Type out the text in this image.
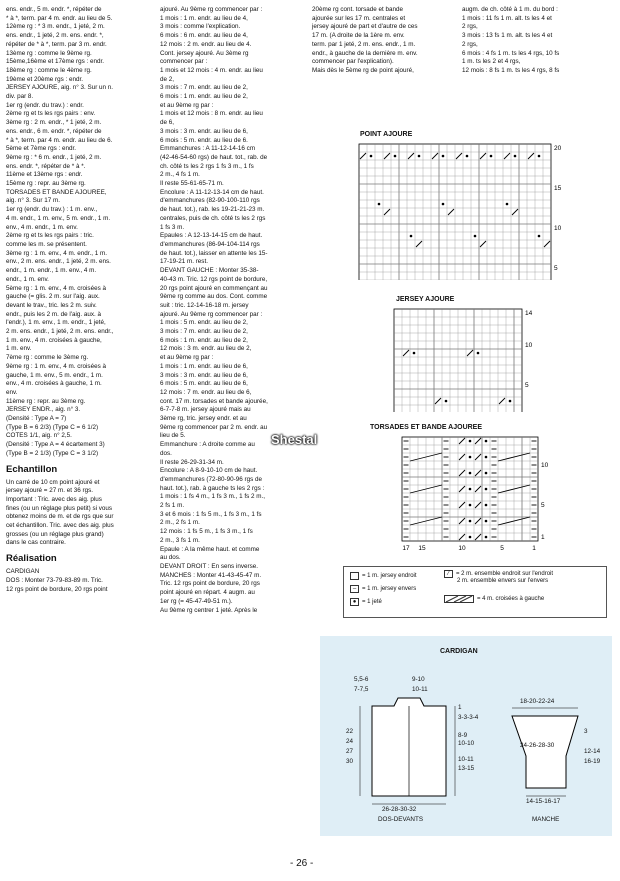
ens. endr., 5 m. endr. *, répéter de

* à *, term. par 4 m. endr. au lieu de 5.

12ème rg : * 3 m. endr., 1 jeté, 2 m.

ens. endr., 1 jeté, 2 m. ens. endr. *,

répéter de * à *, term. par 3 m. endr.

13ème rg : comme le 9ème rg.

15ème,16ème et 17ème rgs : endr.

18ème rg : comme le 4ème rg.

19ème et 20ème rgs : endr.

JERSEY AJOURE, aig. n° 3. Sur un n.

div. par 8.

1er rg (endr. du trav.) : endr.

2ème rg et ts les rgs pairs : env.

3ème rg : 2 m. endr., * 1 jeté, 2 m.

ens. endr., 6 m. endr. *, répéter de

* à *, term. par 4 m. endr. au lieu de 6.

5ème et 7ème rgs : endr.

9ème rg : * 6 m. endr., 1 jeté, 2 m.

ens. endr. *, répéter de * à *.

11ème et 13ème rgs : endr.

15ème rg : repr. au 3ème rg.

TORSADES ET BANDE AJOUREE,

aig. n° 3. Sur 17 m.

1er rg (endr. du trav.) : 1 m. env.,

4 m. endr., 1 m. env., 5 m. endr., 1 m.

env., 4 m. endr., 1 m. env.

2ème rg et ts les rgs pairs : tric.

comme les m. se présentent.

3ème rg : 1 m. env., 4 m. endr., 1 m.

env., 2 m. ens. endr., 1 jeté, 2 m. ens.

endr., 1 m. endr., 1 m. env., 4 m.

endr., 1 m. env.

5ème rg : 1 m. env., 4 m. croisées à

gauche (= glis. 2 m. sur l'aig. aux.

devant le trav., tric. les 2 m. suiv.

endr., puis les 2 m. de l'aig. aux. à

l'endr.), 1 m. env., 1 m. endr., 1 jeté,

2 m. ens. endr., 1 jeté, 2 m. ens. endr.,

1 m. env., 4 m. croisées à gauche,

1 m. env.

7ème rg : comme le 3ème rg.

9ème rg : 1 m. env., 4 m. croisées à

gauche, 1 m. env., 5 m. endr., 1 m.

env., 4 m. croisées à gauche, 1 m.

env.

11ème rg : repr. au 3ème rg.

JERSEY ENDR., aig. n° 3.

(Densité : Type A = 7)

(Type B = 6 2/3) (Type C = 6 1/2)

COTES 1/1, aig. n° 2,5.

(Densité : Type A = 4 écartement 3)

(Type B = 2 1/3) (Type C = 3 1/2)

Echantillon

Un carré de 10 cm point ajouré et

jersey ajouré = 27 m. et 36 rgs.

Important : Tric. avec des aig. plus

fines (ou un réglage plus petit) si vous

obtenez moins de m. et de rgs que sur

cet échantillon. Tric. avec des aig. plus

grosses (ou un réglage plus grand)

dans le cas contraire.

Réalisation

CARDIGAN

DOS : Monter 73-79-83-89 m. Tric.

12 rgs point de bordure, 20 rgs point

ajouré. Au 9ème rg commencer par :

1 mois : 1 m. endr. au lieu de 4,

3 mois : comme l'explication.

6 mois : 6 m. endr. au lieu de 4,

12 mois : 2 m. endr. au lieu de 4.

Cont. jersey ajouré. Au 3ème rg

commencer par :

1 mois et 12 mois : 4 m. endr. au lieu

de 2,

3 mois : 7 m. endr. au lieu de 2,

6 mois : 1 m. endr. au lieu de 2,

et au 9ème rg par :

1 mois et 12 mois : 8 m. endr. au lieu

de 6,

3 mois : 3 m. endr. au lieu de 6,

6 mois : 5 m. endr. au lieu de 6.

Emmanchures : A 11-12-14-16 cm

(42-46-54-60 rgs) de haut. tot., rab. de

ch. côté ts les 2 rgs 1 fs 3 m., 1 fs

2 m., 4 fs 1 m.

Il reste 55-61-65-71 m.

Encolure : A 11-12-13-14 cm de haut.

d'emmanchures (82-90-100-110 rgs

de haut. tot.), rab. les 19-21-21-23 m.

centrales, puis de ch. côté ts les 2 rgs

1 fs 3 m.

Epaules : A 12-13-14-15 cm de haut.

d'emmanchures (86-94-104-114 rgs

de haut. tot.), laisser en attente les 15-

17-19-21 m. rest.

DEVANT GAUCHE : Monter 35-38-

40-43 m. Tric. 12 rgs point de bordure,

20 rgs point ajouré en commençant au

9ème rg comme au dos. Cont. comme

suit : tric. 12-14-16-18 m. jersey

ajouré. Au 9ème rg commencer par :

1 mois : 5 m. endr. au lieu de 2,

3 mois : 7 m. endr. au lieu de 2,

6 mois : 1 m. endr. au lieu de 2,

12 mois : 3 m. endr. au lieu de 2,

et au 9ème rg par :

1 mois : 1 m. endr. au lieu de 6,

3 mois : 3 m. endr. au lieu de 6,

6 mois : 5 m. endr. au lieu de 6,

12 mois : 7 m. endr. au lieu de 6,

cont. 17 m. torsades et bande ajourée,

6-7-7-8 m. jersey ajouré mais au

3ème rg, tric. jersey endr. et au

9ème rg commencer par 2 m. endr. au

lieu de 5.

Emmanchure : A droite comme au

dos.

Il reste 26-29-31-34 m.

Encolure : A 8-9-10-10 cm de haut.

d'emmanchures (72-80-90-96 rgs de

haut. tot.), rab. à gauche ts les 2 rgs :

1 mois : 1 fs 4 m., 1 fs 3 m., 1 fs 2 m.,

2 fs 1 m.

3 et 6 mois : 1 fs 5 m., 1 fs 3 m., 1 fs

2 m., 2 fs 1 m.

12 mois : 1 fs 5 m., 1 fs 3 m., 1 fs

2 m., 3 fs 1 m.

Epaule : A la même haut. et comme

au dos.

DEVANT DROIT : En sens inverse.

MANCHES : Monter 41-43-45-47 m.

Tric. 12 rgs point de bordure, 20 rgs

point ajouré en répart. 4 augm. au

1er rg (= 45-47-49-51 m.).

Au 9ème rg centrer 1 jeté. Après le

20ème rg cont. torsade et bande

ajourée sur les 17 m. centrales et

jersey ajouré de part et d'autre de ces

17 m. (A droite de la 1ère m. env.

term. par 1 jeté, 2 m. ens. endr., 1 m.

endr., à gauche de la dernière m. env.

commencer par l'explication).

Mais dès le 5ème rg de point ajouré,

augm. de ch. côté à 1 m. du bord :

1 mois : 11 fs 1 m. alt. ts les 4 et

2 rgs,

3 mois : 13 fs 1 m. alt. ts les 4 et

2 rgs,

6 mois : 4 fs 1 m. ts les 4 rgs, 10 fs

1 m. ts les 2 et 4 rgs,

12 mois : 8 fs 1 m. ts les 4 rgs, 8 fs

POINT AJOURE
20
15
10
5
JERSEY AJOURE
14
10
5
TORSADES ET BANDE AJOUREE
17 15	10	5	1
10
5
1
= 1 m. jersey endroit
– = 1 m. jersey envers
● = 1 jeté
⁄	= 2 m. ensemble endroit sur l'endroit
2 m. ensemble envers sur l'envers
= 4 m. croisées à gauche
CARDIGAN
5,5-6
7-7,5
9-10
10-11
22
24
27
30
1
3-3-3-4
8-9
10-10
10-11
13-15
26-28-30-32
DOS-DEVANTS
18-20-22-24
24-26-28-30
3
12-14
16-19
14-15-16-17
MANCHE
Shestal
- 26 -
